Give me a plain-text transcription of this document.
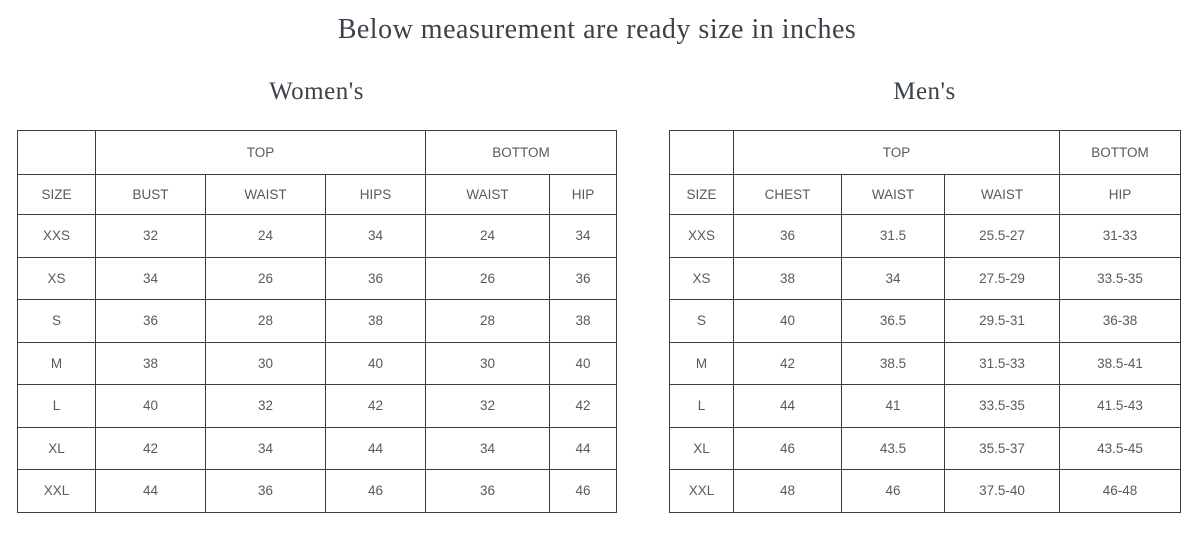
Below measurement are ready size in inches
Women's	Men's
	TOP			BOTTOM	
SIZE	BUST	WAIST	HIPS	WAIST	HIP
XXS	32	24	34	24	34
XS	34	26	36	26	36
S	36	28	38	28	38
M	38	30	40	30	40
L	40	32	42	32	42
XL	42	34	44	34	44
XXL	44	36	46	36	46
	TOP			BOTTOM
SIZE	CHEST	WAIST	WAIST	HIP
XXS	36	31.5	25.5-27	31-33
XS	38	34	27.5-29	33.5-35
S	40	36.5	29.5-31	36-38
M	42	38.5	31.5-33	38.5-41
L	44	41	33.5-35	41.5-43
XL	46	43.5	35.5-37	43.5-45
XXL	48	46	37.5-40	46-48
